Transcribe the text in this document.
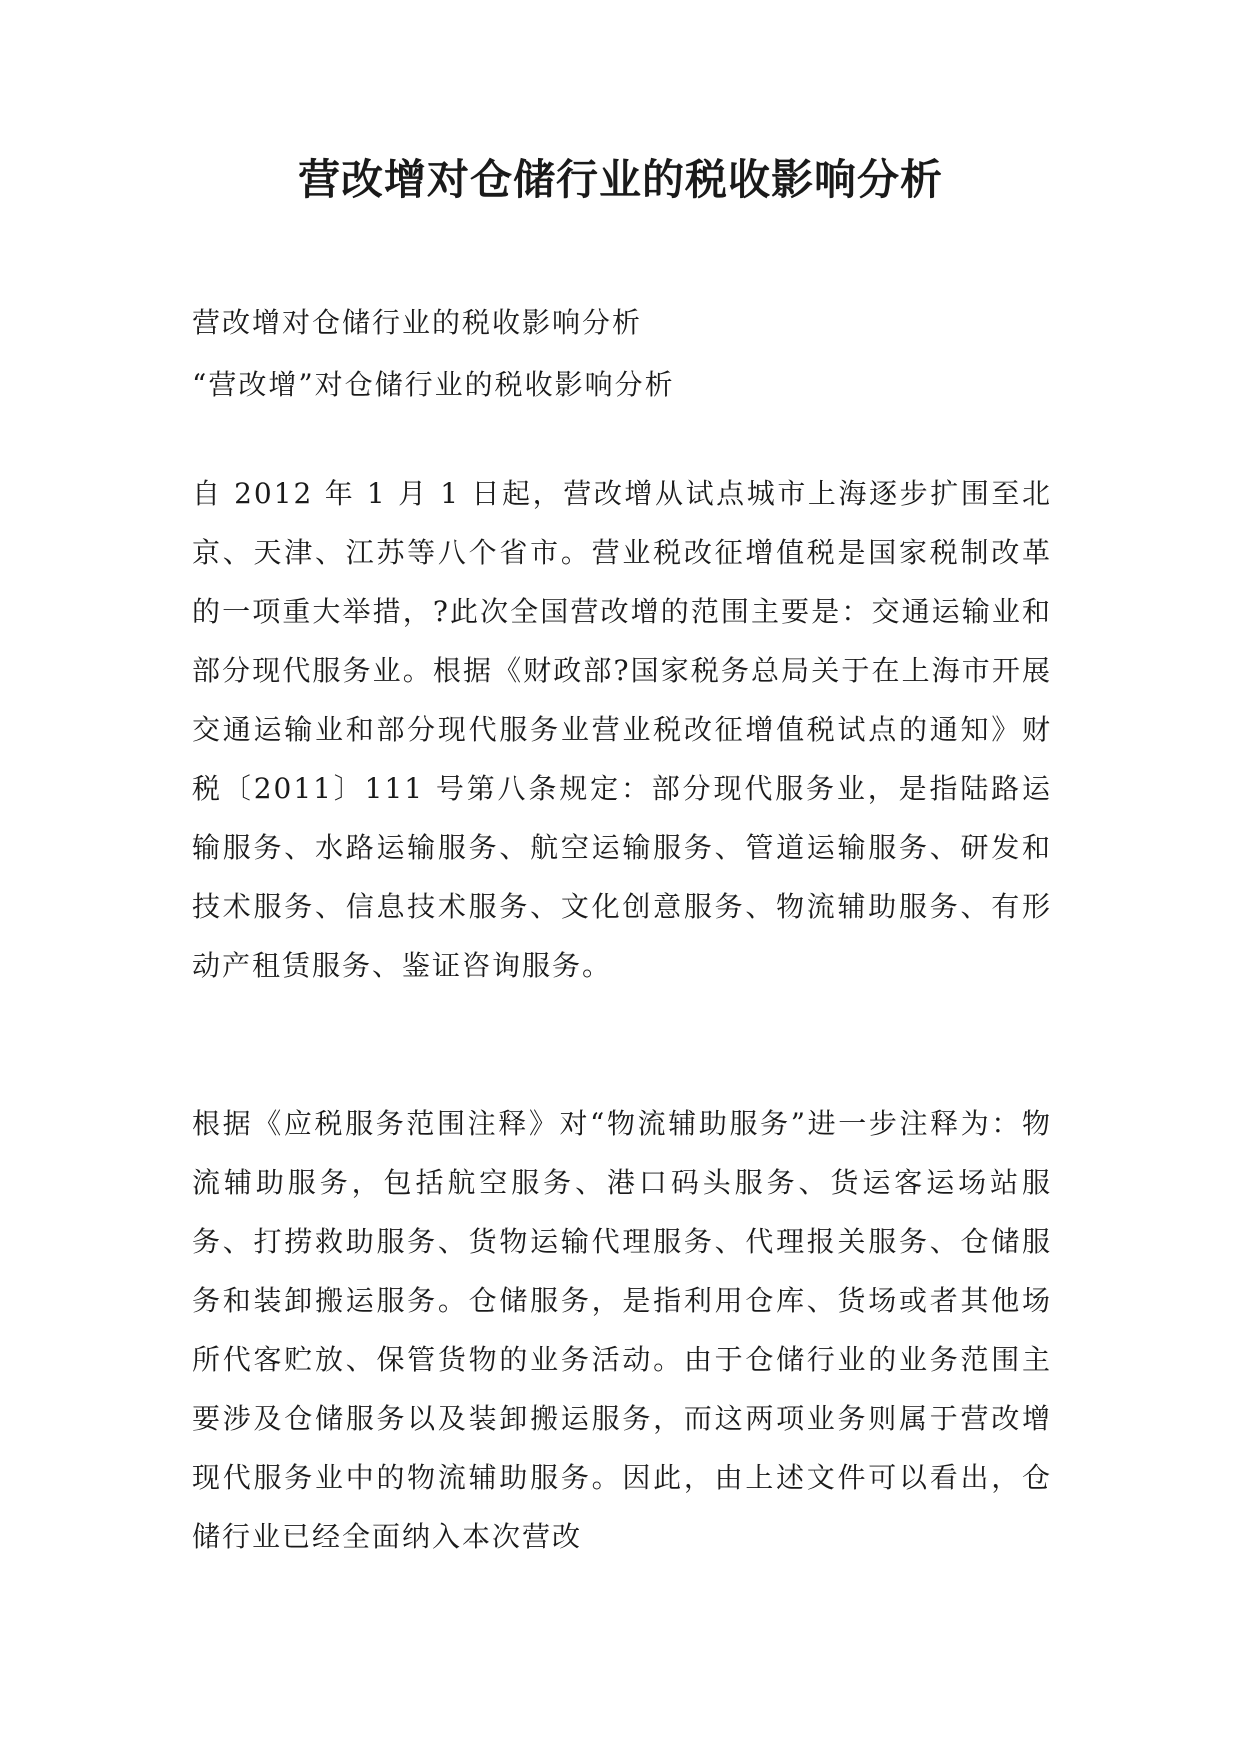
营改增对仓储行业的税收影响分析

营改增对仓储行业的税收影响分析

“营改增”对仓储行业的税收影响分析

自 2012 年 1 月 1 日起，营改增从试点城市上海逐步扩围至北京、天津、江苏等八个省市。营业税改征增值税是国家税制改革的一项重大举措，?此次全国营改增的范围主要是：交通运输业和部分现代服务业。根据《财政部?国家税务总局关于在上海市开展交通运输业和部分现代服务业营业税改征增值税试点的通知》财税〔2011〕111 号第八条规定：部分现代服务业，是指陆路运输服务、水路运输服务、航空运输服务、管道运输服务、研发和技术服务、信息技术服务、文化创意服务、物流辅助服务、有形动产租赁服务、鉴证咨询服务。

根据《应税服务范围注释》对“物流辅助服务”进一步注释为：物流辅助服务，包括航空服务、港口码头服务、货运客运场站服务、打捞救助服务、货物运输代理服务、代理报关服务、仓储服务和装卸搬运服务。仓储服务，是指利用仓库、货场或者其他场所代客贮放、保管货物的业务活动。由于仓储行业的业务范围主要涉及仓储服务以及装卸搬运服务，而这两项业务则属于营改增现代服务业中的物流辅助服务。因此，由上述文件可以看出，仓储行业已经全面纳入本次营改
